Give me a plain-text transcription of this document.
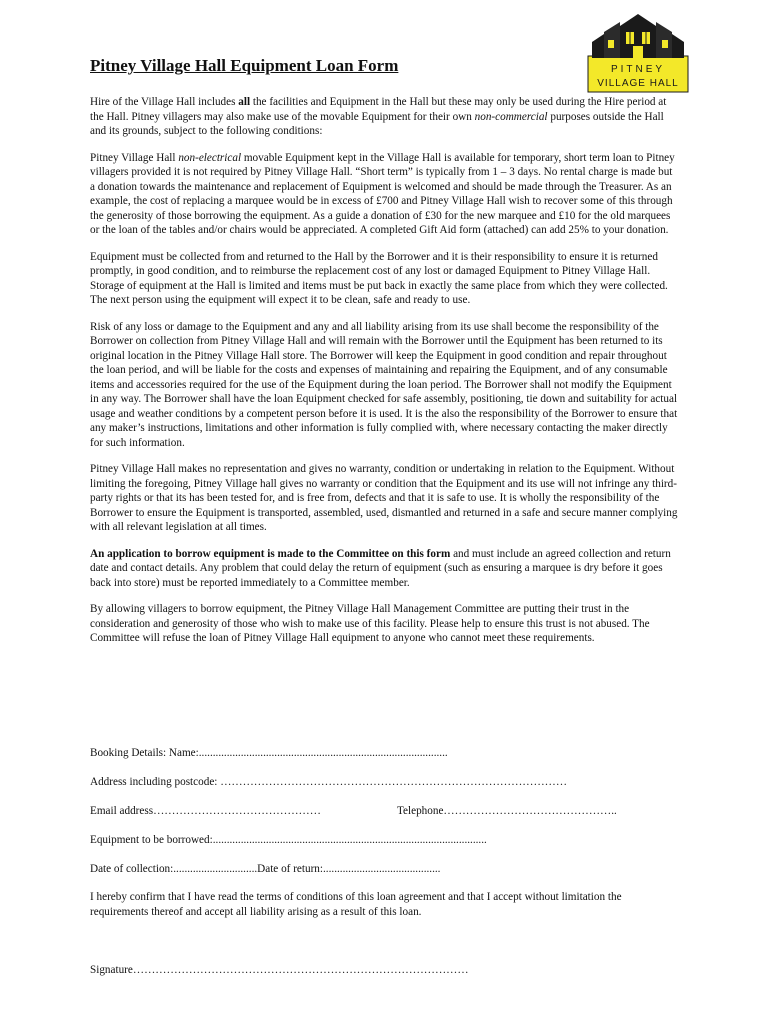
Pitney Village Hall Equipment Loan Form	PITNEY
VILLAGE HALL

Hire of the Village Hall includes all the facilities and Equipment in the Hall but these may only be used during the Hire period at the Hall. Pitney villagers may also make use of the movable Equipment for their own non-commercial purposes outside the Hall and its grounds, subject to the following conditions:

Pitney Village Hall non-electrical movable Equipment kept in the Village Hall is available for temporary, short term loan to Pitney villagers provided it is not required by Pitney Village Hall. “Short term” is typically from 1 – 3 days. No rental charge is made but a donation towards the maintenance and replacement of Equipment is welcomed and should be made through the Treasurer. As an example, the cost of replacing a marquee would be in excess of £700 and Pitney Village Hall wish to recover some of this through the generosity of those borrowing the equipment. As a guide a donation of £30 for the new marquee and £10 for the old marquees or the loan of the tables and/or chairs would be appreciated. A completed Gift Aid form (attached) can add 25% to your donation.

Equipment must be collected from and returned to the Hall by the Borrower and it is their responsibility to ensure it is returned promptly, in good condition, and to reimburse the replacement cost of any lost or damaged Equipment to Pitney Village Hall. Storage of equipment at the Hall is limited and items must be put back in exactly the same place from which they were collected. The next person using the equipment will expect it to be clean, safe and ready to use.

Risk of any loss or damage to the Equipment and any and all liability arising from its use shall become the responsibility of the Borrower on collection from Pitney Village Hall and will remain with the Borrower until the Equipment has been returned to its original location in the Pitney Village Hall store. The Borrower will keep the Equipment in good condition and repair throughout the loan period, and will be liable for the costs and expenses of maintaining and repairing the Equipment, and of any consumable items and accessories required for the use of the Equipment during the loan period. The Borrower shall not modify the Equipment in any way. The Borrower shall have the loan Equipment checked for safe assembly, positioning, tie down and suitability for actual usage and weather conditions by a competent person before it is used. It is the also the responsibility of the Borrower to ensure that any maker’s instructions, limitations and other information is fully complied with, where necessary contacting the maker directly for such information.

Pitney Village Hall makes no representation and gives no warranty, condition or undertaking in relation to the Equipment. Without limiting the foregoing, Pitney Village hall gives no warranty or condition that the Equipment and its use will not infringe any third-party rights or that its has been tested for, and is free from, defects and that it is safe to use. It is wholly the responsibility of the Borrower to ensure the Equipment is transported, assembled, used, dismantled and returned in a safe and secure manner complying with all relevant legislation at all times.

An application to borrow equipment is made to the Committee on this form and must include an agreed collection and return date and contact details. Any problem that could delay the return of equipment (such as ensuring a marquee is dry before it goes back into store) must be reported immediately to a Committee member.

By allowing villagers to borrow equipment, the Pitney Village Hall Management Committee are putting their trust in the consideration and generosity of those who wish to make use of this facility. Please help to ensure this trust is not abused. The Committee will refuse the loan of Pitney Village Hall equipment to anyone who cannot meet these requirements.

Booking Details: Name:.........................................................................................
Address including postcode: …………………………………………………………………………………
Email address………………………………………	Telephone………………………………………..
Equipment to be borrowed:..................................................................................................
Date of collection:..............................Date of return:..........................................
I hereby confirm that I have read the terms of conditions of this loan agreement and that I accept without limitation the requirements thereof and accept all liability arising as a result of this loan.
Signature………………………………………………………………………………
